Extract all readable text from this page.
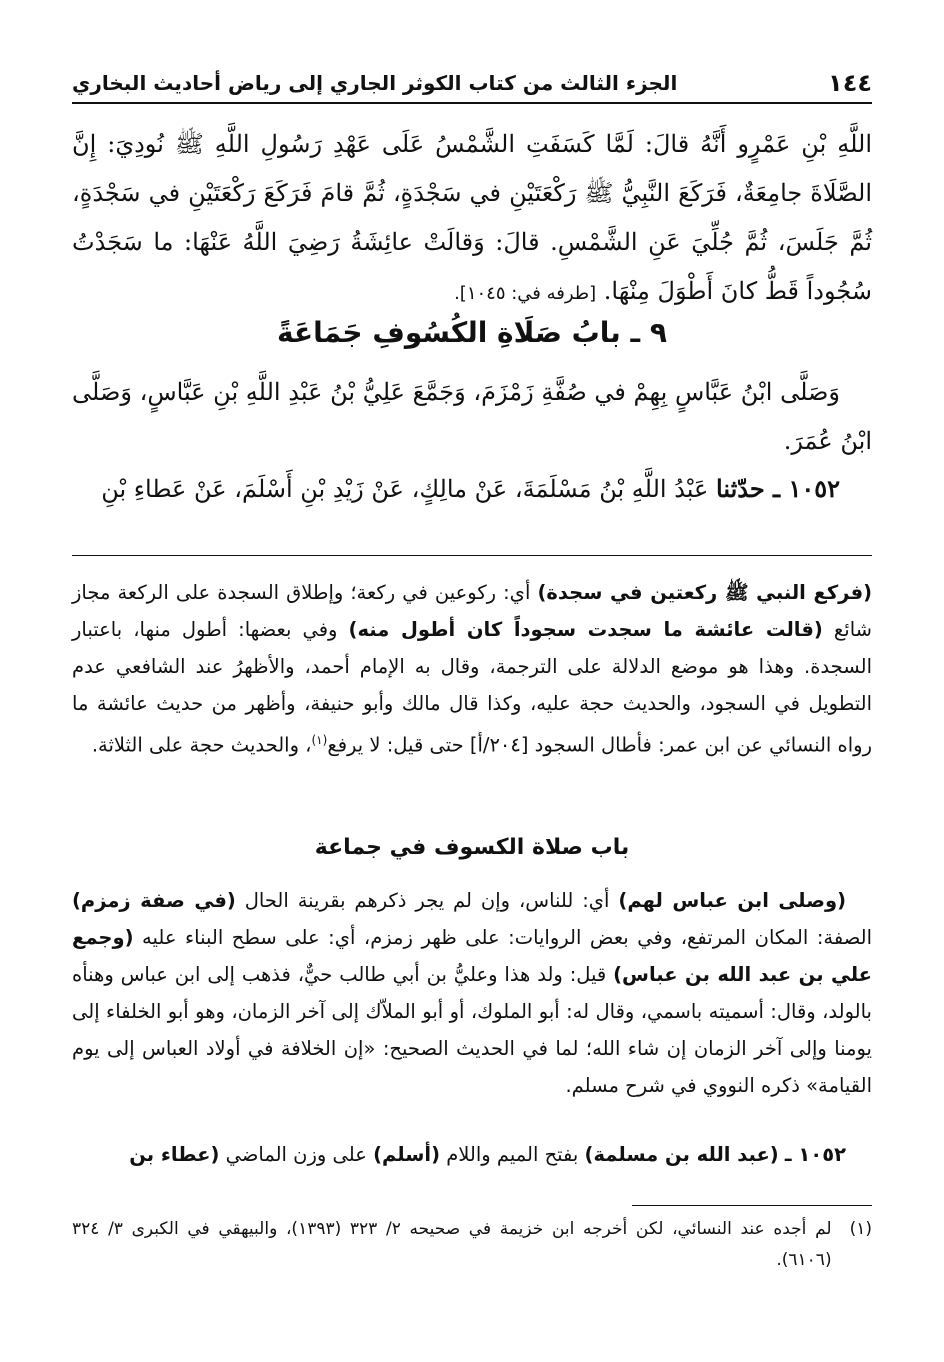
١٤٤
الجزء الثالث من كتاب الكوثر الجاري إلى رياض أحاديث البخاري
اللَّهِ بْنِ عَمْرٍو أَنَّهُ قالَ: لَمَّا كَسَفَتِ الشَّمْسُ عَلَى عَهْدِ رَسُولِ اللَّهِ ﷺ نُودِيَ: إِنَّ الصَّلَاةَ جامِعَةٌ، فَرَكَعَ النَّبِيُّ ﷺ رَكْعَتَيْنِ في سَجْدَةٍ، ثُمَّ قامَ فَرَكَعَ رَكْعَتَيْنِ في سَجْدَةٍ، ثُمَّ جَلَسَ، ثُمَّ جُلِّيَ عَنِ الشَّمْسِ. قالَ: وَقالَتْ عائِشَةُ رَضِيَ اللَّهُ عَنْهَا: ما سَجَدْتُ سُجُوداً قَطُّ كانَ أَطْوَلَ مِنْهَا. [طرفه في: ١٠٤٥].
٩ ـ بابُ صَلَاةِ الكُسُوفِ جَمَاعَةً
وَصَلَّى ابْنُ عَبَّاسٍ بِهِمْ في صُفَّةِ زَمْزَمَ، وَجَمَّعَ عَلِيُّ بْنُ عَبْدِ اللَّهِ بْنِ عَبَّاسٍ، وَصَلَّى ابْنُ عُمَرَ.
١٠٥٢ ـ حدّثنا عَبْدُ اللَّهِ بْنُ مَسْلَمَةَ، عَنْ مالِكٍ، عَنْ زَيْدِ بْنِ أَسْلَمَ، عَنْ عَطاءِ بْنِ
(فركع النبي ﷺ ركعتين في سجدة) أي: ركوعين في ركعة؛ وإطلاق السجدة على الركعة مجاز شائع (قالت عائشة ما سجدت سجوداً كان أطول منه) وفي بعضها: أطول منها، باعتبار السجدة. وهذا هو موضع الدلالة على الترجمة، وقال به الإمام أحمد، والأظهرُ عند الشافعي عدم التطويل في السجود، والحديث حجة عليه، وكذا قال مالك وأبو حنيفة، وأظهر من حديث عائشة ما رواه النسائي عن ابن عمر: فأطال السجود [٢٠٤/أ] حتى قيل: لا يرفع$^{(١)}$، والحديث حجة على الثلاثة.
باب صلاة الكسوف في جماعة
(وصلى ابن عباس لهم) أي: للناس، وإن لم يجر ذكرهم بقرينة الحال (في صفة زمزم) الصفة: المكان المرتفع، وفي بعض الروايات: على ظهر زمزم، أي: على سطح البناء عليه (وجمع علي بن عبد الله بن عباس) قيل: ولد هذا وعليُّ بن أبي طالب حيٌّ، فذهب إلى ابن عباس وهنأه بالولد، وقال: أسميته باسمي، وقال له: أبو الملوك، أو أبو الملاّك إلى آخر الزمان، وهو أبو الخلفاء إلى يومنا وإلى آخر الزمان إن شاء الله؛ لما في الحديث الصحيح: «إن الخلافة في أولاد العباس إلى يوم القيامة» ذكره النووي في شرح مسلم.
١٠٥٢ ـ (عبد الله بن مسلمة) بفتح الميم واللام (أسلم) على وزن الماضي (عطاء بن
(١)
لم أجده عند النسائي، لكن أخرجه ابن خزيمة في صحيحه ٢/ ٣٢٣ (١٣٩٣)، والبيهقي في الكبرى ٣/ ٣٢٤ (٦١٠٦).
